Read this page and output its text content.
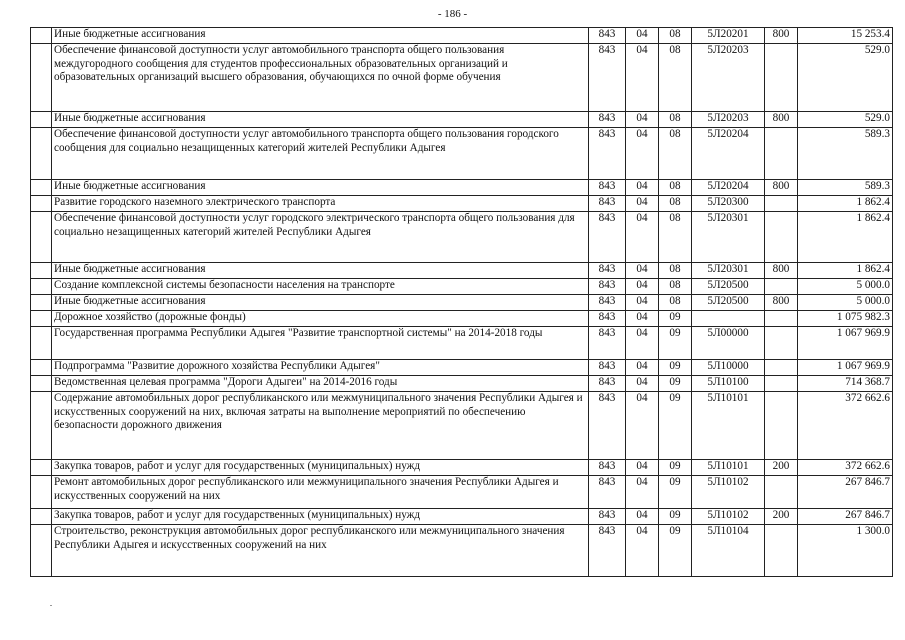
- 186 -
	Иные бюджетные ассигнования	843	04	08	5Л20201	800	15 253.4
	Обеспечение финансовой доступности услуг автомобильного транспорта общего пользования междугородного сообщения для студентов профессиональных образовательных организаций и образовательных организаций высшего образования, обучающихся по очной форме обучения	843	04	08	5Л20203		529.0
	Иные бюджетные ассигнования	843	04	08	5Л20203	800	529.0
	Обеспечение финансовой доступности услуг автомобильного транспорта общего пользования городского сообщения для социально незащищенных категорий жителей Республики Адыгея	843	04	08	5Л20204		589.3
	Иные бюджетные ассигнования	843	04	08	5Л20204	800	589.3
	Развитие городского наземного электрического транспорта	843	04	08	5Л20300		1 862.4
	Обеспечение финансовой доступности услуг городского электрического транспорта общего пользования для социально незащищенных категорий жителей Республики Адыгея	843	04	08	5Л20301		1 862.4
	Иные бюджетные ассигнования	843	04	08	5Л20301	800	1 862.4
	Создание комплексной системы безопасности населения на транспорте	843	04	08	5Л20500		5 000.0
	Иные бюджетные ассигнования	843	04	08	5Л20500	800	5 000.0
	Дорожное хозяйство (дорожные фонды)	843	04	09			1 075 982.3
	Государственная программа Республики Адыгея "Развитие транспортной системы" на 2014-2018 годы	843	04	09	5Л00000		1 067 969.9
	Подпрограмма "Развитие дорожного хозяйства Республики Адыгея"	843	04	09	5Л10000		1 067 969.9
	Ведомственная целевая программа "Дороги Адыгеи" на 2014-2016 годы	843	04	09	5Л10100		714 368.7
	Содержание автомобильных дорог республиканского или межмуниципального значения Республики Адыгея и искусственных сооружений на них, включая затраты на выполнение мероприятий по обеспечению безопасности дорожного движения	843	04	09	5Л10101		372 662.6
	Закупка товаров, работ и услуг для государственных (муниципальных) нужд	843	04	09	5Л10101	200	372 662.6
	Ремонт автомобильных дорог республиканского или межмуниципального значения Республики Адыгея и искусственных сооружений на них	843	04	09	5Л10102		267 846.7
	Закупка товаров, работ и услуг для государственных (муниципальных) нужд	843	04	09	5Л10102	200	267 846.7
	Строительство, реконструкция автомобильных дорог республиканского или межмуниципального значения Республики Адыгея и искусственных сооружений на них	843	04	09	5Л10104		1 300.0
